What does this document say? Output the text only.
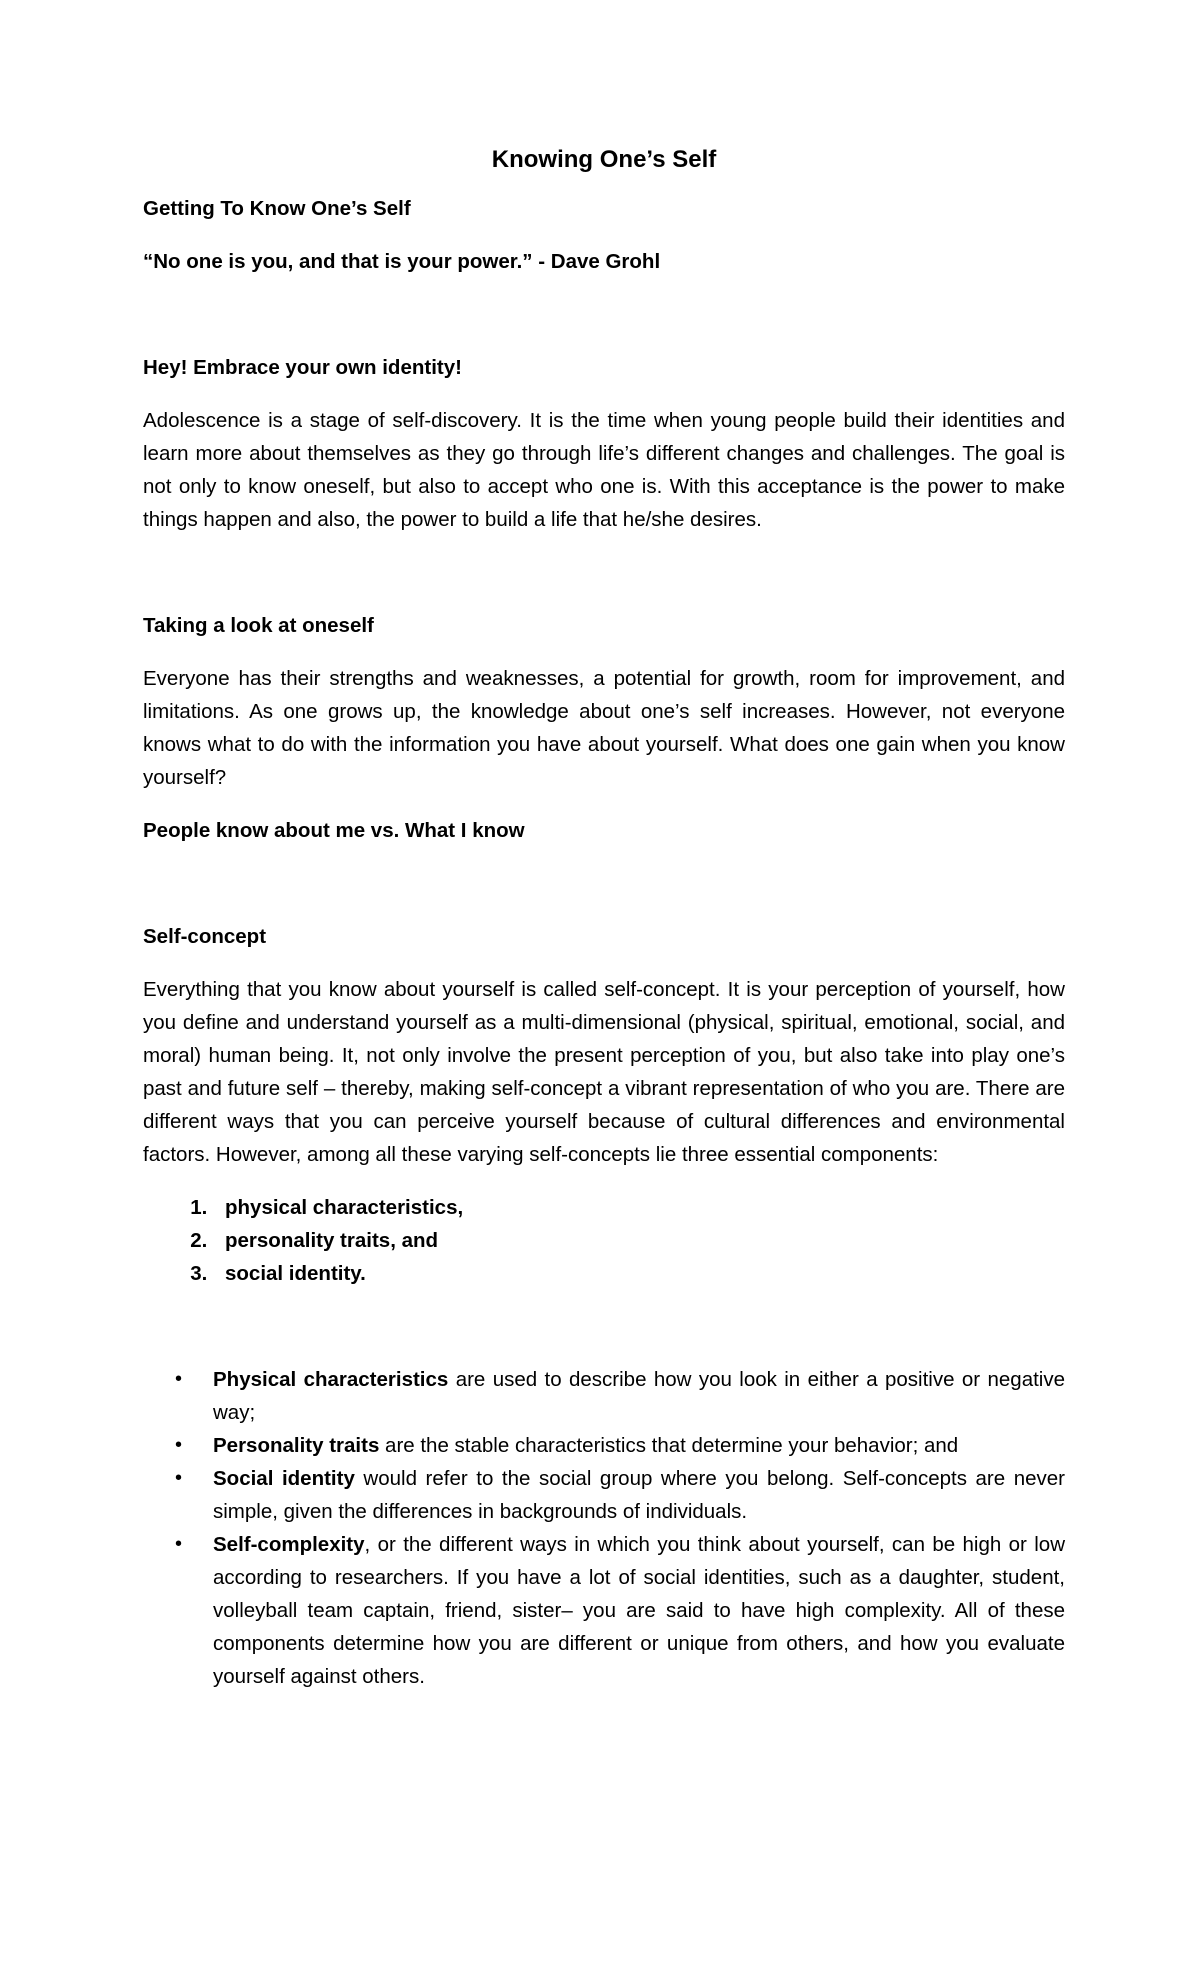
Knowing One’s Self
Getting To Know One’s Self
“No one is you, and that is your power.” - Dave Grohl
Hey! Embrace your own identity!
Adolescence is a stage of self-discovery. It is the time when young people build their identities and learn more about themselves as they go through life’s different changes and challenges. The goal is not only to know oneself, but also to accept who one is. With this acceptance is the power to make things happen and also, the power to build a life that he/she desires.
Taking a look at oneself
Everyone has their strengths and weaknesses, a potential for growth, room for improvement, and limitations. As one grows up, the knowledge about one’s self increases. However, not everyone knows what to do with the information you have about yourself. What does one gain when you know yourself?
People know about me vs. What I know
Self-concept
Everything that you know about yourself is called self-concept. It is your perception of yourself, how you define and understand yourself as a multi-dimensional (physical, spiritual, emotional, social, and moral) human being. It, not only involve the present perception of you, but also take into play one’s past and future self – thereby, making self-concept a vibrant representation of who you are. There are different ways that you can perceive yourself because of cultural differences and environmental factors. However, among all these varying self-concepts lie three essential components:
1. physical characteristics,
2. personality traits, and
3. social identity.
• Physical characteristics are used to describe how you look in either a positive or negative way;
• Personality traits are the stable characteristics that determine your behavior; and
• Social identity would refer to the social group where you belong. Self-concepts are never simple, given the differences in backgrounds of individuals.
• Self-complexity, or the different ways in which you think about yourself, can be high or low according to researchers. If you have a lot of social identities, such as a daughter, student, volleyball team captain, friend, sister– you are said to have high complexity. All of these components determine how you are different or unique from others, and how you evaluate yourself against others.
